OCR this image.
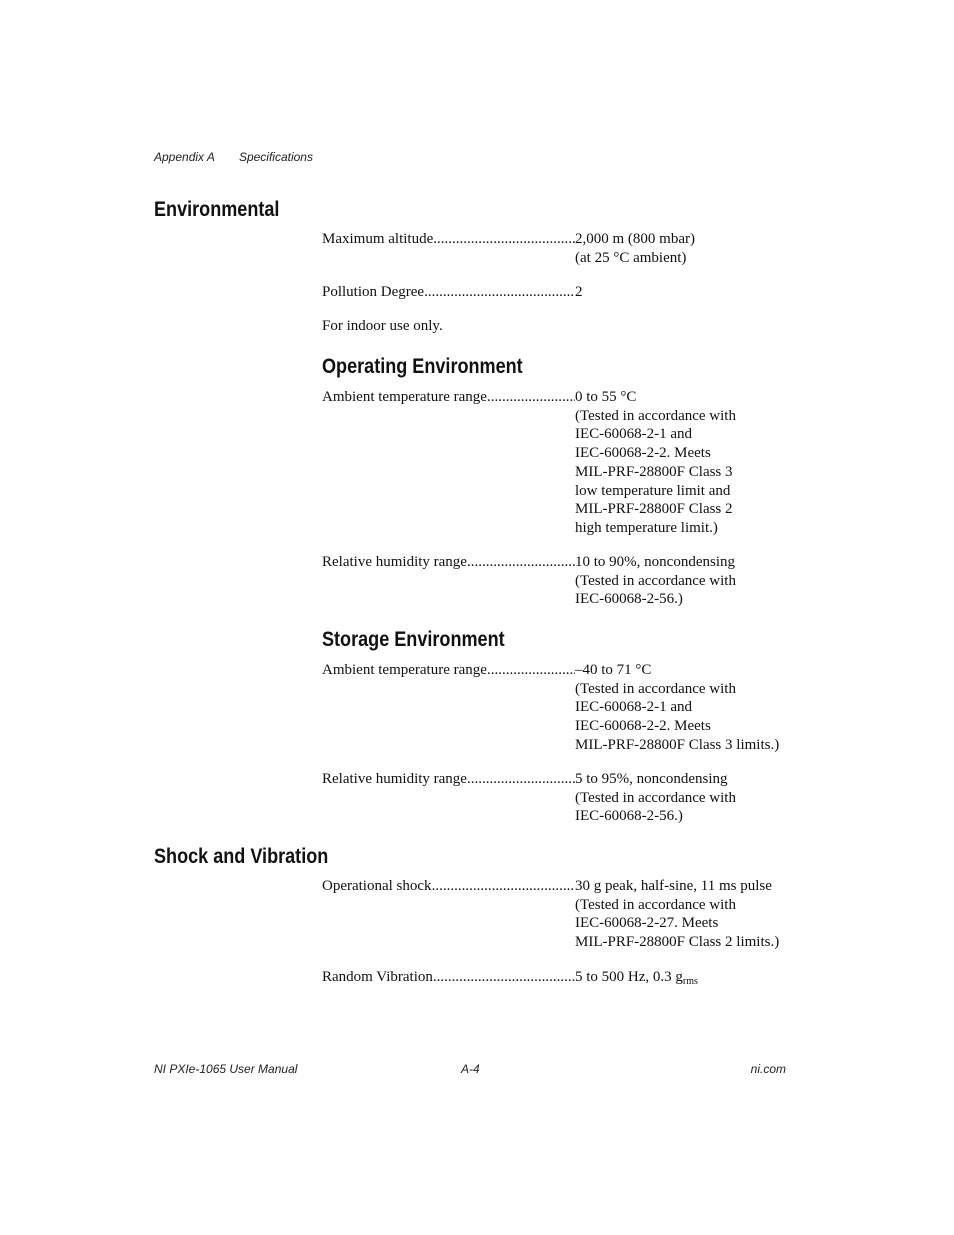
Appendix A Specifications
Environmental
Maximum altitude .....	2,000 m (800 mbar)
(at 25 °C ambient)
Pollution Degree .....	2
For indoor use only.
Operating Environment
Ambient temperature range .....	0 to 55 °C
(Tested in accordance with
IEC-60068-2-1 and
IEC-60068-2-2. Meets
MIL-PRF-28800F Class 3
low temperature limit and
MIL-PRF-28800F Class 2
high temperature limit.)
Relative humidity range .....	10 to 90%, noncondensing
(Tested in accordance with
IEC-60068-2-56.)
Storage Environment
Ambient temperature range .....	–40 to 71 °C
(Tested in accordance with
IEC-60068-2-1 and
IEC-60068-2-2. Meets
MIL-PRF-28800F Class 3 limits.)
Relative humidity range .....	5 to 95%, noncondensing
(Tested in accordance with
IEC-60068-2-56.)
Shock and Vibration
Operational shock .....	30 g peak, half-sine, 11 ms pulse
(Tested in accordance with
IEC-60068-2-27. Meets
MIL-PRF-28800F Class 2 limits.)
Random Vibration .....	5 to 500 Hz, 0.3 $g_{rms}$
NI PXIe-1065 User Manual	A-4	ni.com
